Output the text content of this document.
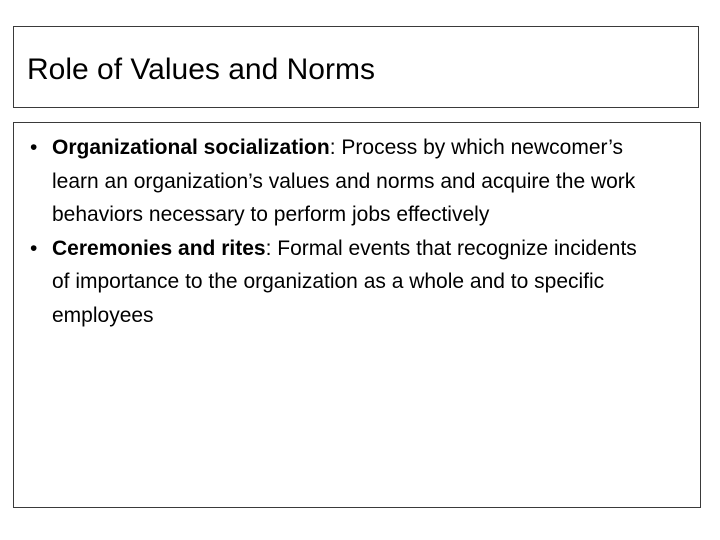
Role of Values and Norms
• Organizational socialization: Process by which newcomer’s learn an organization’s values and norms and acquire the work behaviors necessary to perform jobs effectively
• Ceremonies and rites: Formal events that recognize incidents of importance to the organization as a whole and to specific employees
